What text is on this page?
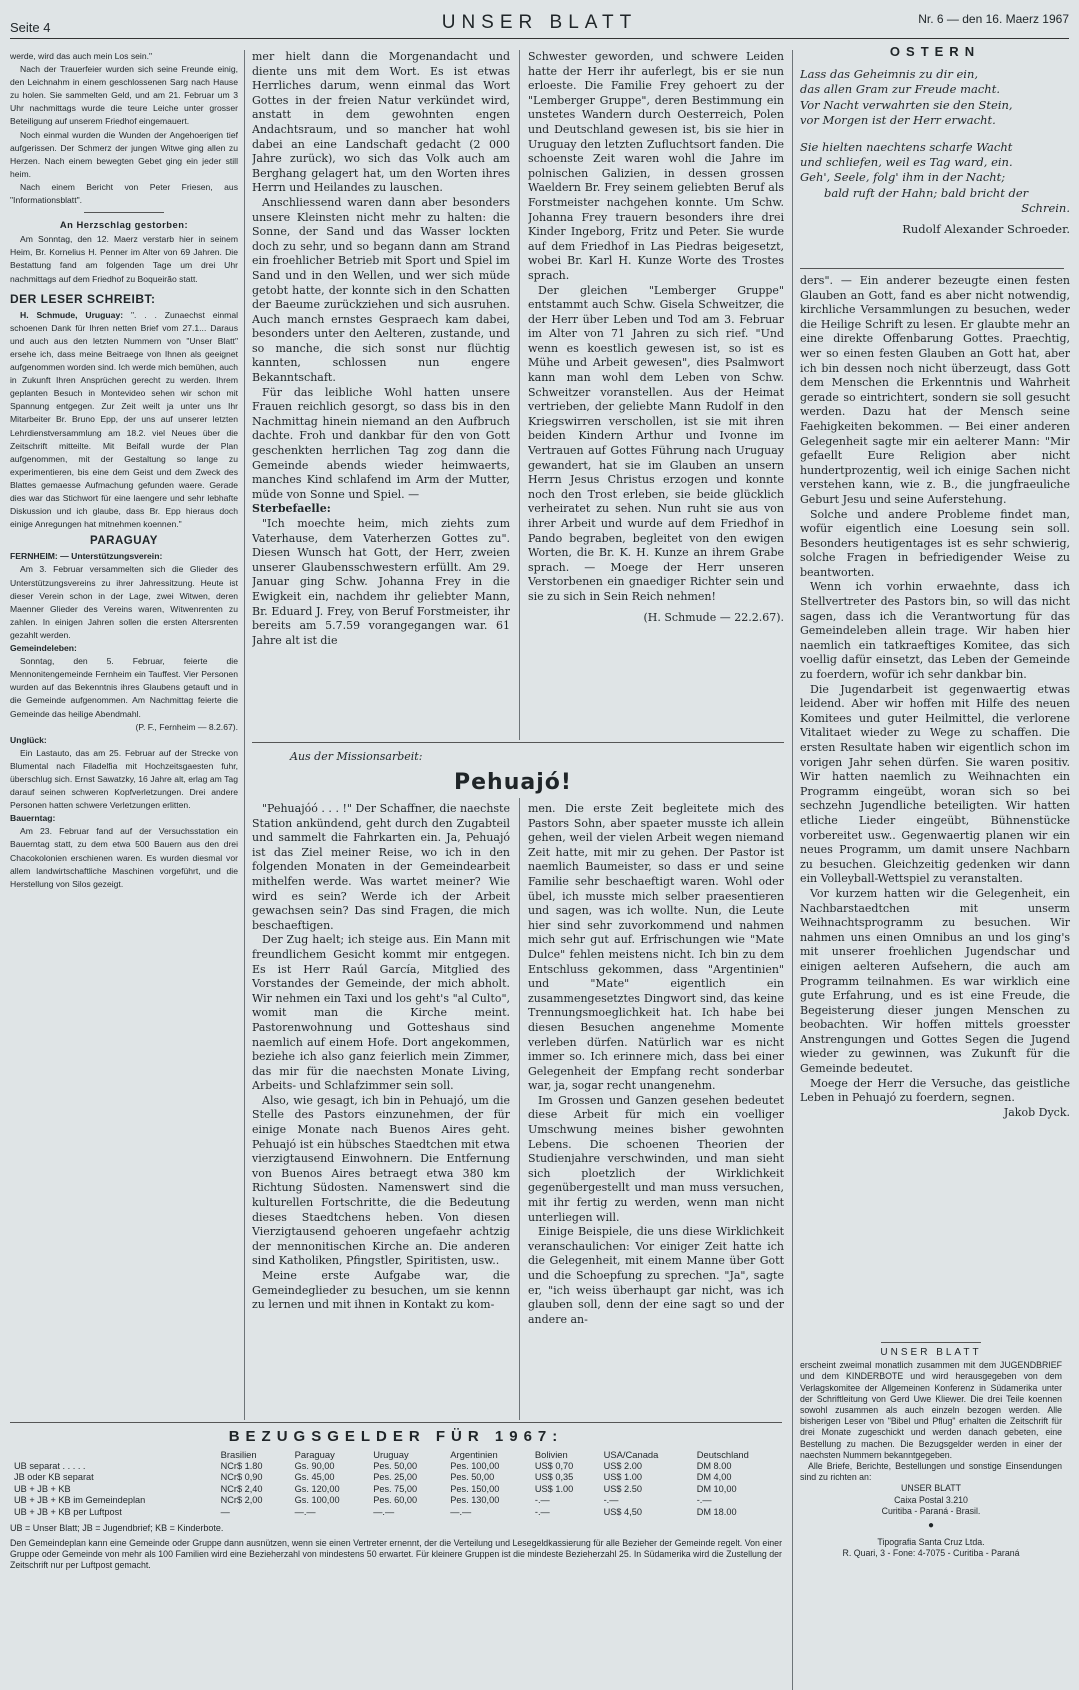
Seite 4	UNSER BLATT	Nr. 6 — den 16. Maerz 1967

werde, wird das auch mein Los sein."

Nach der Trauerfeier wurden sich seine Freunde einig, den Leichnahm in einem geschlossenen Sarg nach Hause zu holen. Sie sammelten Geld, und am 21. Februar um 3 Uhr nachmittags wurde die teure Leiche unter grosser Beteiligung auf unserem Friedhof eingemauert.

Noch einmal wurden die Wunden der Angehoerigen tief aufgerissen. Der Schmerz der jungen Witwe ging allen zu Herzen. Nach einem bewegten Gebet ging ein jeder still heim.

Nach einem Bericht von Peter Friesen, aus "Informationsblatt".

An Herzschlag gestorben:

Am Sonntag, den 12. Maerz verstarb hier in seinem Heim, Br. Kornelius H. Penner im Alter von 69 Jahren. Die Bestattung fand am folgenden Tage um drei Uhr nachmittags auf dem Friedhof zu Boqueirão statt.

DER LESER SCHREIBT:

H. Schmude, Uruguay: ". . . Zunaechst einmal schoenen Dank für Ihren netten Brief vom 27.1... Daraus und auch aus den letzten Nummern von "Unser Blatt" ersehe ich, dass meine Beitraege von Ihnen als geeignet aufgenommen worden sind. Ich werde mich bemühen, auch in Zukunft Ihren Ansprüchen gerecht zu werden. Ihrem geplanten Besuch in Montevideo sehen wir schon mit Spannung entgegen. Zur Zeit weilt ja unter uns Ihr Mitarbeiter Br. Bruno Epp, der uns auf unserer letzten Lehrdienstversammlung am 18.2. viel Neues über die Zeitschrift mitteilte. Mit Beifall wurde der Plan aufgenommen, mit der Gestaltung so lange zu experimentieren, bis eine dem Geist und dem Zweck des Blattes gemaesse Aufmachung gefunden waere. Gerade dies war das Stichwort für eine laengere und sehr lebhafte Diskussion und ich glaube, dass Br. Epp hieraus doch einige Anregungen hat mitnehmen koennen."

PARAGUAY

FERNHEIM: — Unterstützungsverein:

Am 3. Februar versammelten sich die Glieder des Unterstützungsvereins zu ihrer Jahressitzung. Heute ist dieser Verein schon in der Lage, zwei Witwen, deren Maenner Glieder des Vereins waren, Witwenrenten zu zahlen. In einigen Jahren sollen die ersten Altersrenten gezahlt werden.

Gemeindeleben:

Sonntag, den 5. Februar, feierte die Mennonitengemeinde Fernheim ein Tauffest. Vier Personen wurden auf das Bekenntnis ihres Glaubens getauft und in die Gemeinde aufgenommen. Am Nachmittag feierte die Gemeinde das heilige Abendmahl.

(P. F., Fernheim — 8.2.67).

Unglück:

Ein Lastauto, das am 25. Februar auf der Strecke von Blumental nach Filadelfia mit Hochzeitsgaesten fuhr, überschlug sich. Ernst Sawatzky, 16 Jahre alt, erlag am Tag darauf seinen schweren Kopfverletzungen. Drei andere Personen hatten schwere Verletzungen erlitten.

Bauerntag:

Am 23. Februar fand auf der Versuchsstation ein Bauerntag statt, zu dem etwa 500 Bauern aus den drei Chacokolonien erschienen waren. Es wurden diesmal vor allem landwirtschaftliche Maschinen vorgeführt, und die Herstellung von Silos gezeigt.

mer hielt dann die Morgenandacht und diente uns mit dem Wort. Es ist etwas Herrliches darum, wenn einmal das Wort Gottes in der freien Natur verkündet wird, anstatt in dem gewohnten engen Andachtsraum, und so mancher hat wohl dabei an eine Landschaft gedacht (2 000 Jahre zurück), wo sich das Volk auch am Berghang gelagert hat, um den Worten ihres Herrn und Heilandes zu lauschen.

Anschliessend waren dann aber besonders unsere Kleinsten nicht mehr zu halten: die Sonne, der Sand und das Wasser lockten doch zu sehr, und so begann dann am Strand ein froehlicher Betrieb mit Sport und Spiel im Sand und in den Wellen, und wer sich müde getobt hatte, der konnte sich in den Schatten der Baeume zurückziehen und sich ausruhen. Auch manch ernstes Gespraech kam dabei, besonders unter den Aelteren, zustande, und so manche, die sich sonst nur flüchtig kannten, schlossen nun engere Bekanntschaft.

Für das leibliche Wohl hatten unsere Frauen reichlich gesorgt, so dass bis in den Nachmittag hinein niemand an den Aufbruch dachte. Froh und dankbar für den von Gott geschenkten herrlichen Tag zog dann die Gemeinde abends wieder heimwaerts, manches Kind schlafend im Arm der Mutter, müde von Sonne und Spiel. —

Sterbefaelle:

"Ich moechte heim, mich ziehts zum Vaterhause, dem Vaterherzen Gottes zu". Diesen Wunsch hat Gott, der Herr, zweien unserer Glaubensschwestern erfüllt. Am 29. Januar ging Schw. Johanna Frey in die Ewigkeit ein, nachdem ihr geliebter Mann, Br. Eduard J. Frey, von Beruf Forstmeister, ihr bereits am 5.7.59 vorangegangen war. 61 Jahre alt ist die

Schwester geworden, und schwere Leiden hatte der Herr ihr auferlegt, bis er sie nun erloeste. Die Familie Frey gehoert zu der "Lemberger Gruppe", deren Bestimmung ein unstetes Wandern durch Oesterreich, Polen und Deutschland gewesen ist, bis sie hier in Uruguay den letzten Zufluchtsort fanden. Die schoenste Zeit waren wohl die Jahre im polnischen Galizien, in dessen grossen Waeldern Br. Frey seinem geliebten Beruf als Forstmeister nachgehen konnte. Um Schw. Johanna Frey trauern besonders ihre drei Kinder Ingeborg, Fritz und Peter. Sie wurde auf dem Friedhof in Las Piedras beigesetzt, wobei Br. Karl H. Kunze Worte des Trostes sprach.

Der gleichen "Lemberger Gruppe" entstammt auch Schw. Gisela Schweitzer, die der Herr über Leben und Tod am 3. Februar im Alter von 71 Jahren zu sich rief. "Und wenn es koestlich gewesen ist, so ist es Mühe und Arbeit gewesen", dies Psalmwort kann man wohl dem Leben von Schw. Schweitzer voranstellen. Aus der Heimat vertrieben, der geliebte Mann Rudolf in den Kriegswirren verschollen, ist sie mit ihren beiden Kindern Arthur und Ivonne im Vertrauen auf Gottes Führung nach Uruguay gewandert, hat sie im Glauben an unsern Herrn Jesus Christus erzogen und konnte noch den Trost erleben, sie beide glücklich verheiratet zu sehen. Nun ruht sie aus von ihrer Arbeit und wurde auf dem Friedhof in Pando begraben, begleitet von den ewigen Worten, die Br. K. H. Kunze an ihrem Grabe sprach. — Moege der Herr unseren Verstorbenen ein gnaediger Richter sein und sie zu sich in Sein Reich nehmen!

(H. Schmude — 22.2.67).

Aus der Missionsarbeit:
Pehuajó!

"Pehuajóó . . . !" Der Schaffner, die naechste Station ankündend, geht durch den Zugabteil und sammelt die Fahrkarten ein. Ja, Pehuajó ist das Ziel meiner Reise, wo ich in den folgenden Monaten in der Gemeindearbeit mithelfen werde. Was wartet meiner? Wie wird es sein? Werde ich der Arbeit gewachsen sein? Das sind Fragen, die mich beschaeftigen.

Der Zug haelt; ich steige aus. Ein Mann mit freundlichem Gesicht kommt mir entgegen. Es ist Herr Raúl García, Mitglied des Vorstandes der Gemeinde, der mich abholt. Wir nehmen ein Taxi und los geht's "al Culto", womit man die Kirche meint. Pastorenwohnung und Gotteshaus sind naemlich auf einem Hofe. Dort angekommen, beziehe ich also ganz feierlich mein Zimmer, das mir für die naechsten Monate Living, Arbeits- und Schlafzimmer sein soll.

Also, wie gesagt, ich bin in Pehuajó, um die Stelle des Pastors einzunehmen, der für einige Monate nach Buenos Aires geht. Pehuajó ist ein hübsches Staedtchen mit etwa vierzigtausend Einwohnern. Die Entfernung von Buenos Aires betraegt etwa 380 km Richtung Südosten. Namenswert sind die kulturellen Fortschritte, die die Bedeutung dieses Staedtchens heben. Von diesen Vierzigtausend gehoeren ungefaehr achtzig der mennonitischen Kirche an. Die anderen sind Katholiken, Pfingstler, Spiritisten, usw..

Meine erste Aufgabe war, die Gemeindeglieder zu besuchen, um sie kennn zu lernen und mit ihnen in Kontakt zu kom-

men. Die erste Zeit begleitete mich des Pastors Sohn, aber spaeter musste ich allein gehen, weil der vielen Arbeit wegen niemand Zeit hatte, mit mir zu gehen. Der Pastor ist naemlich Baumeister, so dass er und seine Familie sehr beschaeftigt waren. Wohl oder übel, ich musste mich selber praesentieren und sagen, was ich wollte. Nun, die Leute hier sind sehr zuvorkommend und nahmen mich sehr gut auf. Erfrischungen wie "Mate Dulce" fehlen meistens nicht. Ich bin zu dem Entschluss gekommen, dass "Argentinien" und "Mate" eigentlich ein zusammengesetztes Dingwort sind, das keine Trennungsmoeglichkeit hat. Ich habe bei diesen Besuchen angenehme Momente verleben dürfen. Natürlich war es nicht immer so. Ich erinnere mich, dass bei einer Gelegenheit der Empfang recht sonderbar war, ja, sogar recht unangenehm.

Im Grossen und Ganzen gesehen bedeutet diese Arbeit für mich ein voelliger Umschwung meines bisher gewohnten Lebens. Die schoenen Theorien der Studienjahre verschwinden, und man sieht sich ploetzlich der Wirklichkeit gegenübergestellt und man muss versuchen, mit ihr fertig zu werden, wenn man nicht unterliegen will.

Einige Beispiele, die uns diese Wirklichkeit veranschaulichen: Vor einiger Zeit hatte ich die Gelegenheit, mit einem Manne über Gott und die Schoepfung zu sprechen. "Ja", sagte er, "ich weiss überhaupt gar nicht, was ich glauben soll, denn der eine sagt so und der andere an-

OSTERN
Lass das Geheimnis zu dir ein,
das allen Gram zur Freude macht.
Vor Nacht verwahrten sie den Stein,
vor Morgen ist der Herr erwacht.
Sie hielten naechtens scharfe Wacht
und schliefen, weil es Tag ward, ein.
Geh', Seele, folg' ihm in der Nacht;
bald ruft der Hahn; bald bricht der
Schrein.
Rudolf Alexander Schroeder.

ders". — Ein anderer bezeugte einen festen Glauben an Gott, fand es aber nicht notwendig, kirchliche Versammlungen zu besuchen, weder die Heilige Schrift zu lesen. Er glaubte mehr an eine direkte Offenbarung Gottes. Praechtig, wer so einen festen Glauben an Gott hat, aber ich bin dessen noch nicht überzeugt, dass Gott dem Menschen die Erkenntnis und Wahrheit gerade so eintrichtert, sondern sie soll gesucht werden. Dazu hat der Mensch seine Faehigkeiten bekommen. — Bei einer anderen Gelegenheit sagte mir ein aelterer Mann: "Mir gefaellt Eure Religion aber nicht hundertprozentig, weil ich einige Sachen nicht verstehen kann, wie z. B., die jungfraeuliche Geburt Jesu und seine Auferstehung.

Solche und andere Probleme findet man, wofür eigentlich eine Loesung sein soll. Besonders heutigentages ist es sehr schwierig, solche Fragen in befriedigender Weise zu beantworten.

Wenn ich vorhin erwaehnte, dass ich Stellvertreter des Pastors bin, so will das nicht sagen, dass ich die Verantwortung für das Gemeindeleben allein trage. Wir haben hier naemlich ein tatkraeftiges Komitee, das sich voellig dafür einsetzt, das Leben der Gemeinde zu foerdern, wofür ich sehr dankbar bin.

Die Jugendarbeit ist gegenwaertig etwas leidend. Aber wir hoffen mit Hilfe des neuen Komitees und guter Heilmittel, die verlorene Vitalitaet wieder zu Wege zu schaffen. Die ersten Resultate haben wir eigentlich schon im vorigen Jahr sehen dürfen. Sie waren positiv. Wir hatten naemlich zu Weihnachten ein Programm eingeübt, woran sich so bei sechzehn Jugendliche beteiligten. Wir hatten etliche Lieder eingeübt, Bühnenstücke vorbereitet usw.. Gegenwaertig planen wir ein neues Programm, um damit unsere Nachbarn zu besuchen. Gleichzeitig gedenken wir dann ein Volleyball-Wettspiel zu veranstalten.

Vor kurzem hatten wir die Gelegenheit, ein Nachbarstaedtchen mit unserm Weihnachtsprogramm zu besuchen. Wir nahmen uns einen Omnibus an und los ging's mit unserer froehlichen Jugendschar und einigen aelteren Aufsehern, die auch am Programm teilnahmen. Es war wirklich eine gute Erfahrung, und es ist eine Freude, die Begeisterung dieser jungen Menschen zu beobachten. Wir hoffen mittels groesster Anstrengungen und Gottes Segen die Jugend wieder zu gewinnen, was Zukunft für die Gemeinde bedeutet.

Moege der Herr die Versuche, das geistliche Leben in Pehuajó zu foerdern, segnen.

Jakob Dyck.

UNSER BLATT
erscheint zweimal monatlich zusammen mit dem JUGENDBRIEF und dem KINDERBOTE und wird herausgegeben von dem Verlagskomitee der Allgemeinen Konferenz in Südamerika unter der Schriftleitung von Gerd Uwe Kliewer. Die drei Teile koennen sowohl zusammen als auch einzeln bezogen werden. Alle bisherigen Leser von "Bibel und Pflug" erhalten die Zeitschrift für drei Monate zugeschickt und werden danach gebeten, eine Bestellung zu machen. Die Bezugsgelder werden in einer der naechsten Nummern bekanntgegeben.
Alle Briefe, Berichte, Bestellungen und sonstige Einsendungen sind zu richten an:
UNSER BLATT
Caixa Postal 3.210
Curitiba - Paraná - Brasil.
●
Tipografia Santa Cruz Ltda.
R. Quari, 3 - Fone: 4-7075 - Curitiba - Paraná
BEZUGSGELDER FÜR 1967:
	Brasilien	Paraguay	Uruguay	Argentinien	Bolivien	USA/Canada	Deutschland
UB separat . . . . .	NCr$ 1.80	Gs. 90,00	Pes. 50,00	Pes. 100,00	US$ 0,70	US$ 2.00	DM 8.00
JB oder KB separat	NCr$ 0,90	Gs. 45,00	Pes. 25,00	Pes. 50,00	US$ 0,35	US$ 1.00	DM 4,00
UB + JB + KB	NCr$ 2,40	Gs. 120,00	Pes. 75,00	Pes. 150,00	US$ 1.00	US$ 2.50	DM 10,00
UB + JB + KB im Gemeindeplan	NCr$ 2,00	Gs. 100,00	Pes. 60,00	Pes. 130,00	-.—	-.—	-.—
UB + JB + KB per Luftpost	—	—.—	—.—	—.—	-.—	US$ 4,50	DM 18.00
UB = Unser Blatt; JB = Jugendbrief; KB = Kinderbote.
Den Gemeindeplan kann eine Gemeinde oder Gruppe dann ausnützen, wenn sie einen Vertreter ernennt, der die Verteilung und Lesegeldkassierung für alle Bezieher der Gemeinde regelt. Von einer Gruppe oder Gemeinde von mehr als 100 Familien wird eine Bezieherzahl von mindestens 50 erwartet. Für kleinere Gruppen ist die mindeste Bezieherzahl 25. In Südamerika wird die Zustellung der Zeitschrift nur per Luftpost gemacht.
